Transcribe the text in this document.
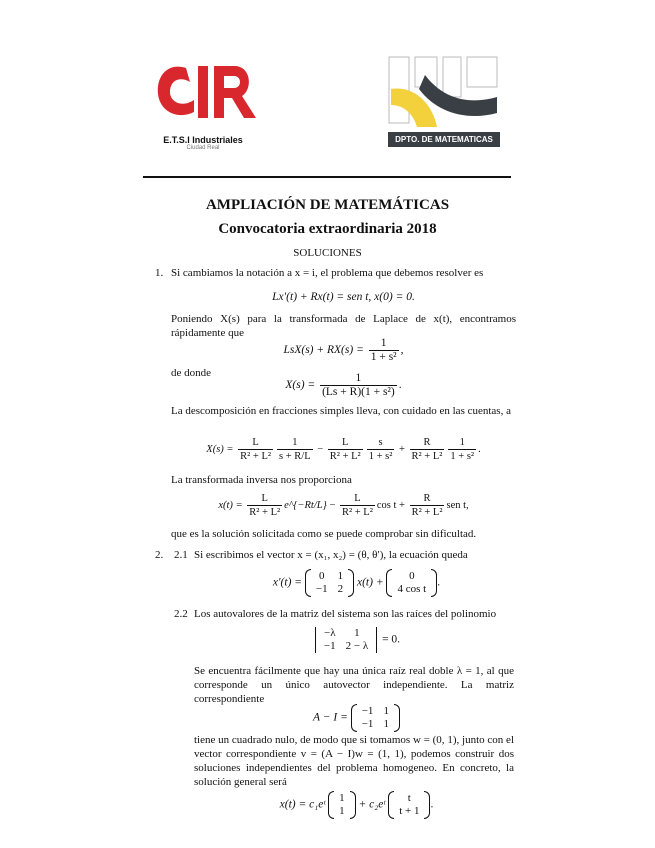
E.T.S.I Industriales
Ciudad Real
DPTO. DE MATEMATICAS
AMPLIACIÓN DE MATEMÁTICAS
Convocatoria extraordinaria 2018
SOLUCIONES
1. Si cambiamos la notación a x = i, el problema que debemos resolver es
Lx′(t) + Rx(t) = sen t, x(0) = 0.
Poniendo X(s) para la transformada de Laplace de x(t), encontramos rápidamente que
$LsX(s) + RX(s) = \frac{1}{\text{1 + s²}}$ ,
de donde
$X(s) = \frac{1}{\text{(Ls + R)(1 + s²)}}$ .
La descomposición en fracciones simples lleva, con cuidado en las cuentas, a
$X(s) = \frac{L}{\text{R² + L²}} \frac{1}{s + R/L} - \frac{L}{\text{R² + L²}} \frac{s}{\text{1 + s²}} + \frac{R}{\text{R² + L²}} \frac{1}{\text{1 + s²}}$ .
La transformada inversa nos proporciona
$x(t) = \frac{L}{\text{R² + L²}}$ e^{−Rt/L} − $\frac{L}{\text{R² + L²}}$ $\cos t + \frac{R}{\text{R² + L²}}$ sen t,
que es la solución solicitada como se puede comprobar sin dificultad.
2. 2.1 Si escribimos el vector x = (x₁, x₂) = (θ, θ′), la ecuación queda
x′(t) =
0	1
−1	2
x(t) +
0
4 cos t
.
2.2 Los autovalores de la matriz del sistema son las raíces del polinomio
−λ	1
−1	2 − λ
= 0.
Se encuentra fácilmente que hay una única raíz real doble λ = 1, al que corresponde un único autovector independiente. La matriz correspondiente
A − I =
−1	1
−1	1
tiene un cuadrado nulo, de modo que si tomamos w = (0, 1), junto con el vector correspondiente v = (A − I)w = (1, 1), podemos construir dos soluciones independientes del problema homogeneo. En concreto, la solución general será
x(t) = c₁eᵗ
1
1
+ c₂eᵗ
t
t + 1
.
